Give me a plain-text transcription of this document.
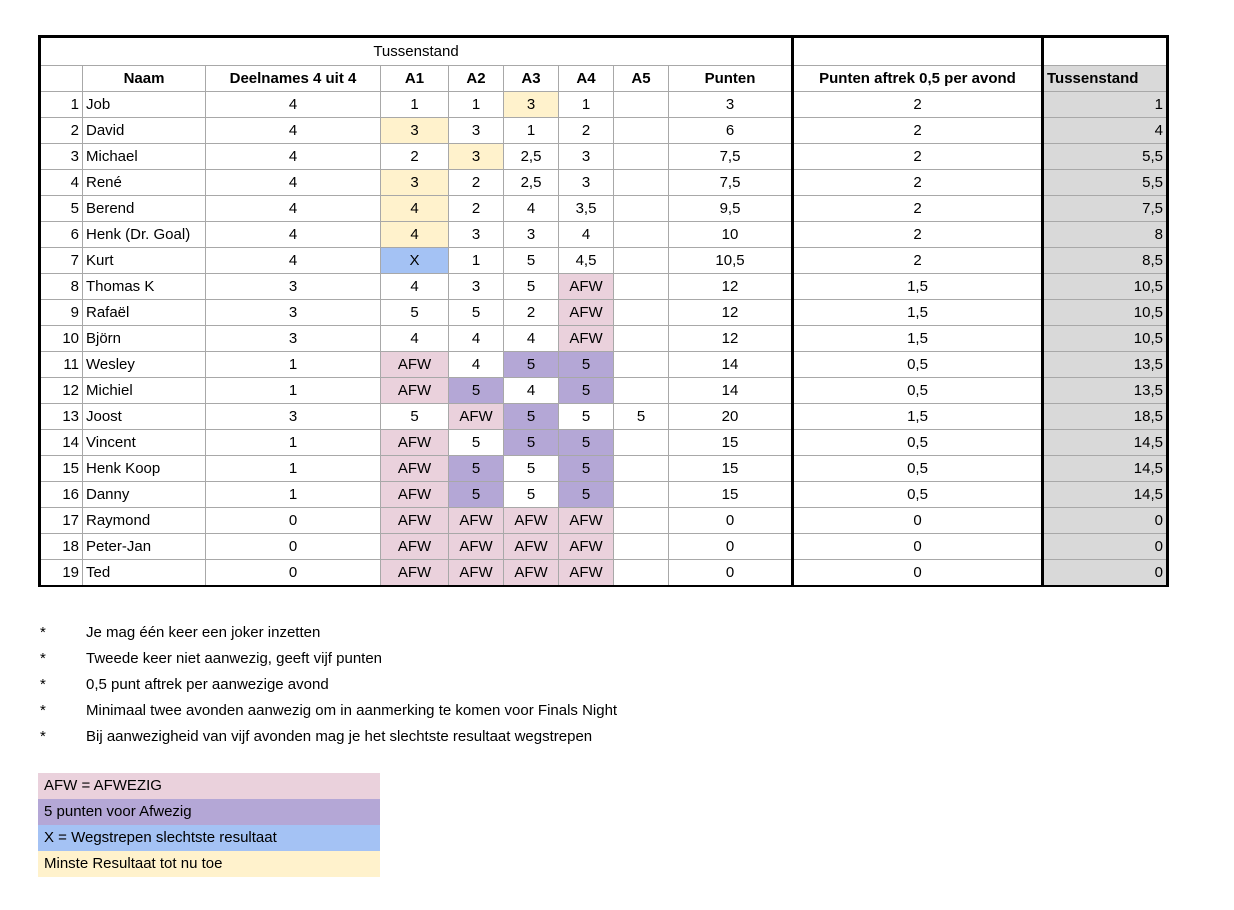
Tussenstand										
	Naam	Deelnames 4 uit 4	A1	A2	A3	A4	A5	Punten	Punten aftrek 0,5 per avond	Tussenstand
1	Job	4	1	1	3	1		3	2	1
2	David	4	3	3	1	2		6	2	4
3	Michael	4	2	3	2,5	3		7,5	2	5,5
4	René	4	3	2	2,5	3		7,5	2	5,5
5	Berend	4	4	2	4	3,5		9,5	2	7,5
6	Henk (Dr. Goal)	4	4	3	3	4		10	2	8
7	Kurt	4	X	1	5	4,5		10,5	2	8,5
8	Thomas K	3	4	3	5	AFW		12	1,5	10,5
9	Rafaël	3	5	5	2	AFW		12	1,5	10,5
10	Björn	3	4	4	4	AFW		12	1,5	10,5
11	Wesley	1	AFW	4	5	5		14	0,5	13,5
12	Michiel	1	AFW	5	4	5		14	0,5	13,5
13	Joost	3	5	AFW	5	5	5	20	1,5	18,5
14	Vincent	1	AFW	5	5	5		15	0,5	14,5
15	Henk Koop	1	AFW	5	5	5		15	0,5	14,5
16	Danny	1	AFW	5	5	5		15	0,5	14,5
17	Raymond	0	AFW	AFW	AFW	AFW		0	0	0
18	Peter-Jan	0	AFW	AFW	AFW	AFW		0	0	0
19	Ted	0	AFW	AFW	AFW	AFW		0	0	0
*	Je mag één keer een joker inzetten
*	Tweede keer niet aanwezig, geeft vijf punten
*	0,5 punt aftrek per aanwezige avond
*	Minimaal twee avonden aanwezig om in aanmerking te komen voor Finals Night
*	Bij aanwezigheid van vijf avonden mag je het slechtste resultaat wegstrepen
AFW = AFWEZIG
5 punten voor Afwezig
X = Wegstrepen slechtste resultaat
Minste Resultaat tot nu toe
